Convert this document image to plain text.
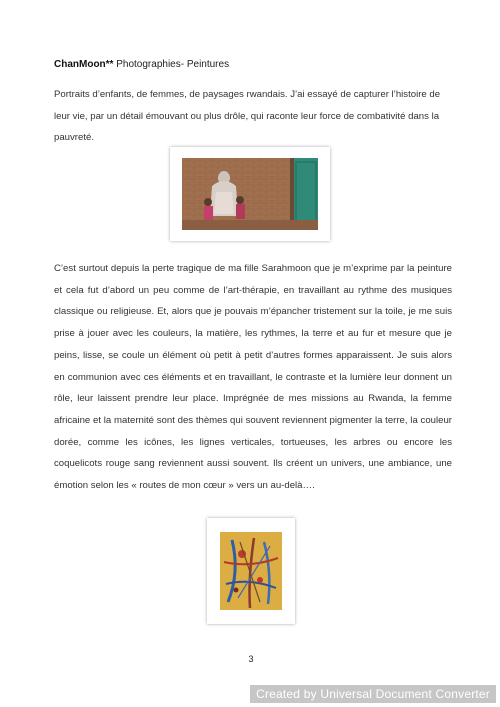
ChanMoon** Photographies- Peintures

Portraits d’enfants, de femmes, de paysages rwandais. J’ai essayé de capturer l’histoire de leur vie, par un détail émouvant ou plus drôle, qui raconte leur force de combativité dans la pauvreté.

C’est surtout depuis la perte tragique de ma fille Sarahmoon que je m’exprime par la peinture et cela fut d’abord un peu comme de l’art-thérapie, en travaillant au rythme des musiques classique ou religieuse. Et, alors que je pouvais m’épancher tristement sur la toile, je me suis prise à jouer avec les couleurs, la matière, les rythmes, la terre et au fur et mesure que je peins, lisse, se coule un élément où petit à petit d’autres formes apparaissent. Je suis alors en communion avec ces éléments et en travaillant, le contraste et la lumière leur donnent un rôle, leur laissent prendre leur place. Imprégnée de mes missions au Rwanda, la femme africaine et la maternité sont des thèmes qui souvent reviennent pigmenter la terre, la couleur dorée, comme les icônes, les lignes verticales, tortueuses, les arbres ou encore les coquelicots rouge sang reviennent aussi souvent. Ils créent un univers, une ambiance, une émotion selon les « routes de mon cœur » vers un au-delà….

3
Created by Universal Document Converter
